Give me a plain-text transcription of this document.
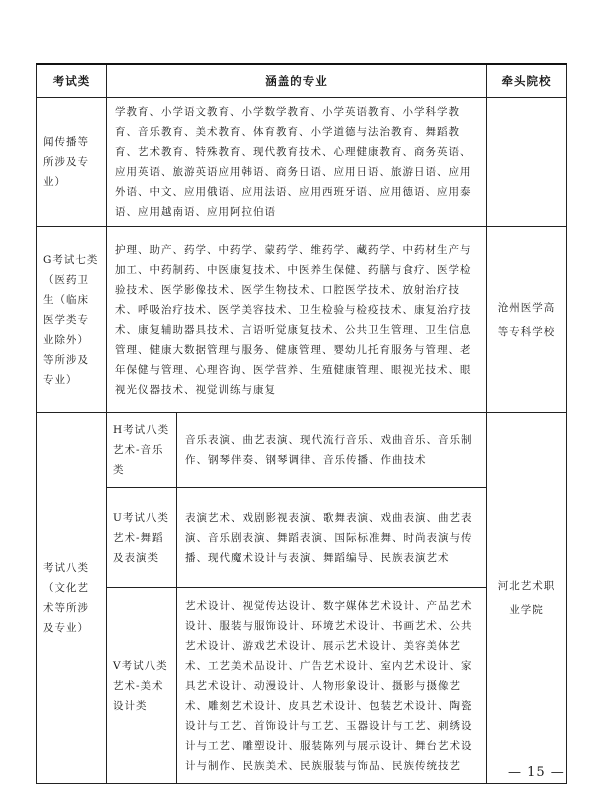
考试类	涵盖的专业		牵头院校
闻传播等所涉及专业）	学教育、小学语文教育、小学数学教育、小学英语教育、小学科学教育、音乐教育、美术教育、体育教育、小学道德与法治教育、舞蹈教育、艺术教育、特殊教育、现代教育技术、心理健康教育、商务英语、应用英语、旅游英语应用韩语、商务日语、应用日语、旅游日语、应用外语、中文、应用俄语、应用法语、应用西班牙语、应用德语、应用泰语、应用越南语、应用阿拉伯语		
G考试七类（医药卫生（临床医学类专业除外）等所涉及专业）	护理、助产、药学、中药学、蒙药学、维药学、藏药学、中药材生产与加工、中药制药、中医康复技术、中医养生保健、药膳与食疗、医学检验技术、医学影像技术、医学生物技术、口腔医学技术、放射治疗技术、呼吸治疗技术、医学美容技术、卫生检验与检疫技术、康复治疗技术、康复辅助器具技术、言语听觉康复技术、公共卫生管理、卫生信息管理、健康大数据管理与服务、健康管理、婴幼儿托育服务与管理、老年保健与管理、心理咨询、医学营养、生殖健康管理、眼视光技术、眼视光仪器技术、视觉训练与康复		沧州医学高等专科学校
考试八类（文化艺术等所涉及专业）	H考试八类艺术-音乐类	音乐表演、曲艺表演、现代流行音乐、戏曲音乐、音乐制作、钢琴伴奏、钢琴调律、音乐传播、作曲技术	河北艺术职业学院
	U考试八类艺术-舞蹈及表演类	表演艺术、戏剧影视表演、歌舞表演、戏曲表演、曲艺表演、音乐剧表演、舞蹈表演、国际标准舞、时尚表演与传播、现代魔术设计与表演、舞蹈编导、民族表演艺术	
	V考试八类艺术-美术设计类	艺术设计、视觉传达设计、数字媒体艺术设计、产品艺术设计、服装与服饰设计、环境艺术设计、书画艺术、公共艺术设计、游戏艺术设计、展示艺术设计、美容美体艺术、工艺美术品设计、广告艺术设计、室内艺术设计、家具艺术设计、动漫设计、人物形象设计、摄影与摄像艺术、雕刻艺术设计、皮具艺术设计、包装艺术设计、陶瓷设计与工艺、首饰设计与工艺、玉器设计与工艺、刺绣设计与工艺、雕塑设计、服装陈列与展示设计、舞台艺术设计与制作、民族美术、民族服装与饰品、民族传统技艺		— 15 —
